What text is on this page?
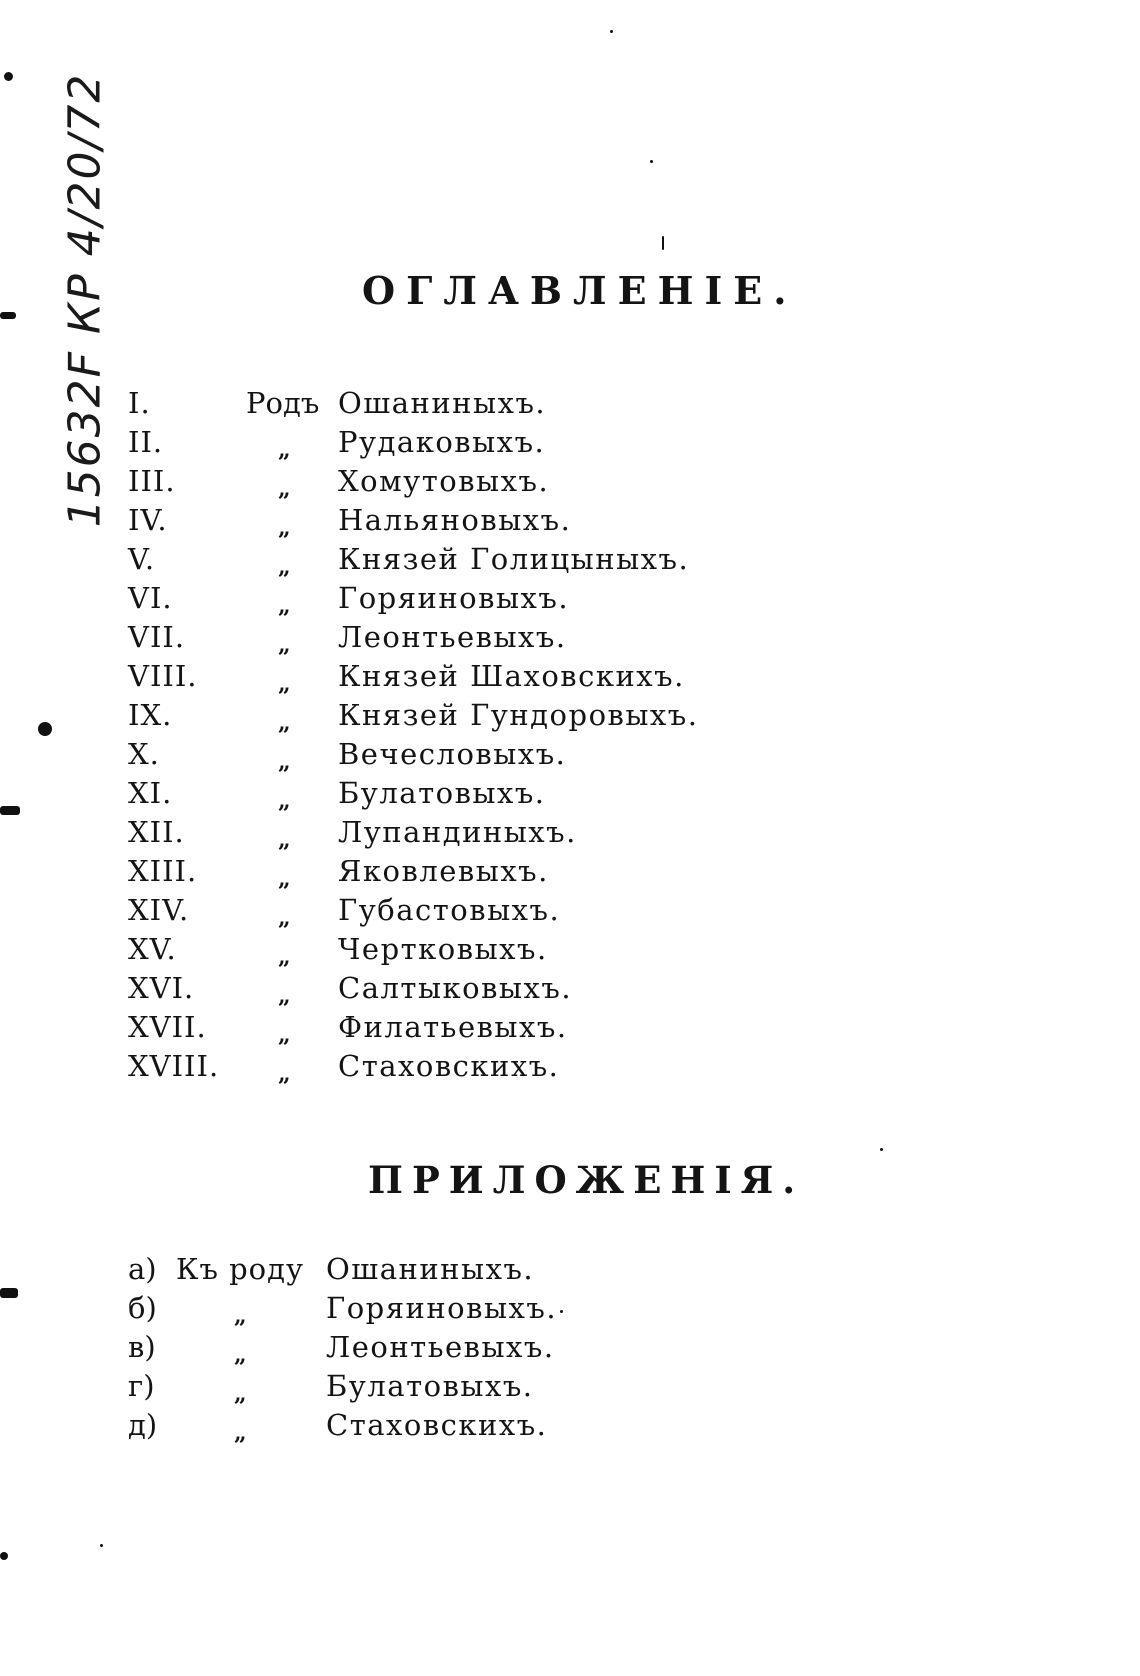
15632F КР 4/20/72	ОГЛАВЛЕНIЕ.
I.	Родъ Ошаниныхъ.
II.	„ Рудаковыхъ.
III.	„ Хомутовыхъ.
IV.	„ Нальяновыхъ.
V.	„ Князей Голицыныхъ.
VI.	„ Горяиновыхъ.
VII.	„ Леонтьевыхъ.
VIII.	„ Князей Шаховскихъ.
IX.	„ Князей Гундоровыхъ.
X.	„ Вечесловыхъ.
XI.	„ Булатовыхъ.
XII.	„ Лупандиныхъ.
XIII.	„ Яковлевыхъ.
XIV.	„ Губастовыхъ.
XV.	„ Чертковыхъ.
XVI.	„ Салтыковыхъ.
XVII.	„ Филатьевыхъ.
XVIII.	„ Стаховскихъ.
ПРИЛОЖЕНIЯ.
а) Къ роду Ошаниныхъ.
б)	„	Горяиновыхъ.
в)	„	Леонтьевыхъ.
г)	„	Булатовыхъ.
д)	„	Стаховскихъ.
